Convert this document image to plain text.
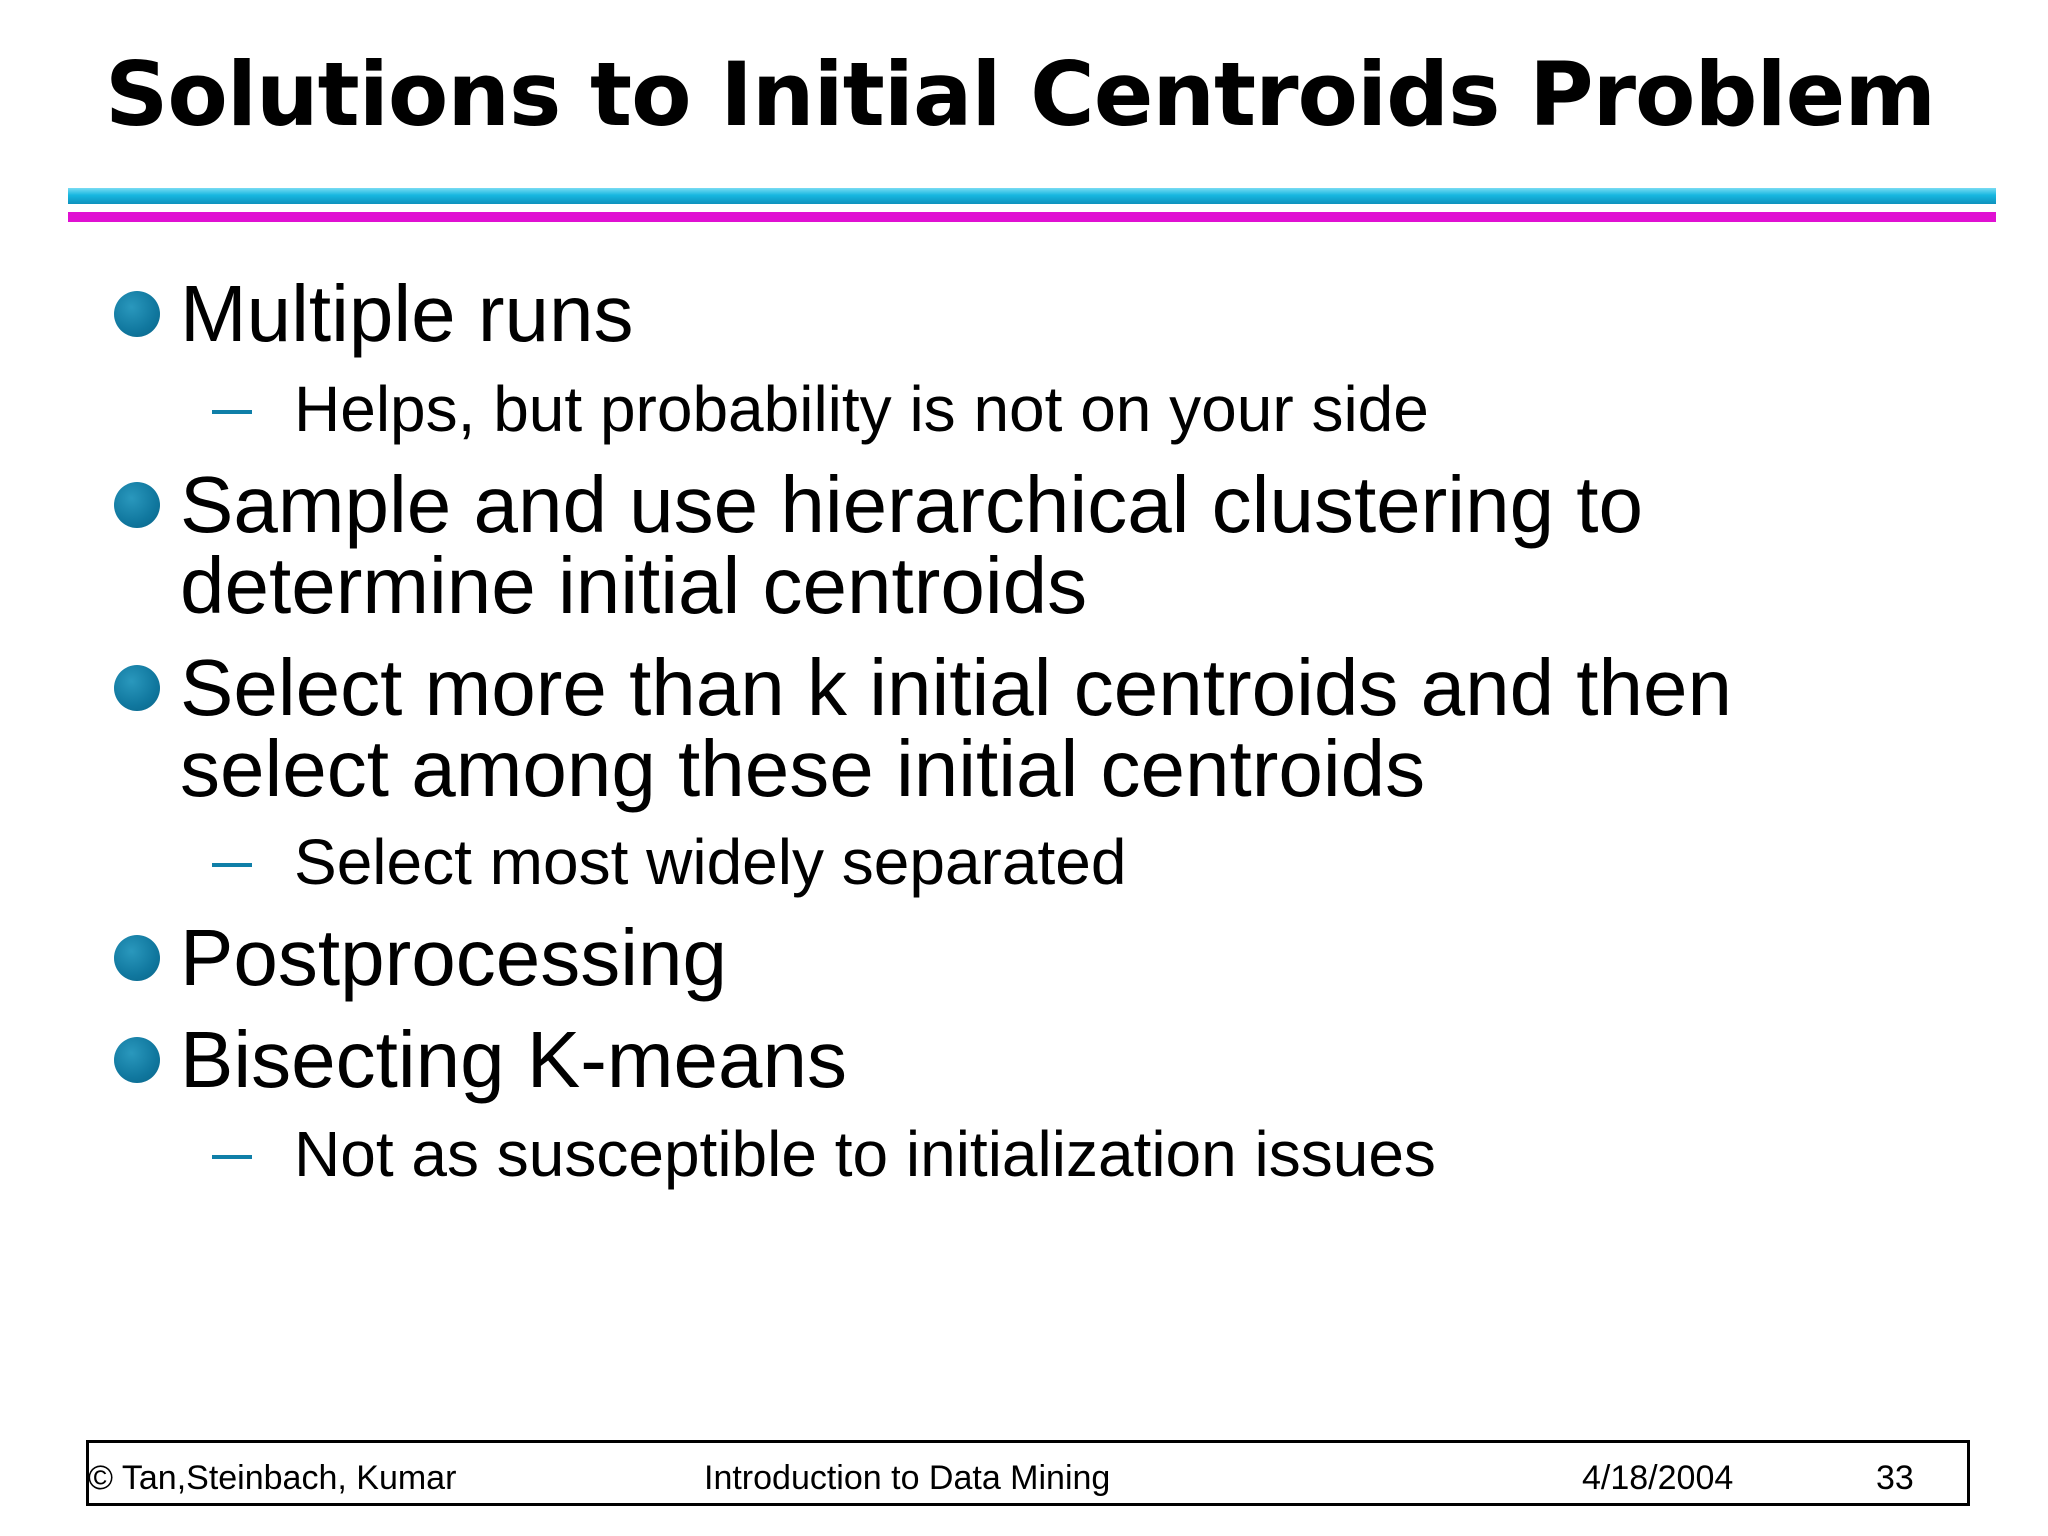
Solutions to Initial Centroids Problem
Multiple runs
Helps, but probability is not on your side
Sample and use hierarchical clustering to
determine initial centroids
Select more than k initial centroids and then
select among these initial centroids
Select most widely separated
Postprocessing
Bisecting K-means
Not as susceptible to initialization issues
© Tan,Steinbach, Kumar	Introduction to Data Mining	4/18/2004	33
